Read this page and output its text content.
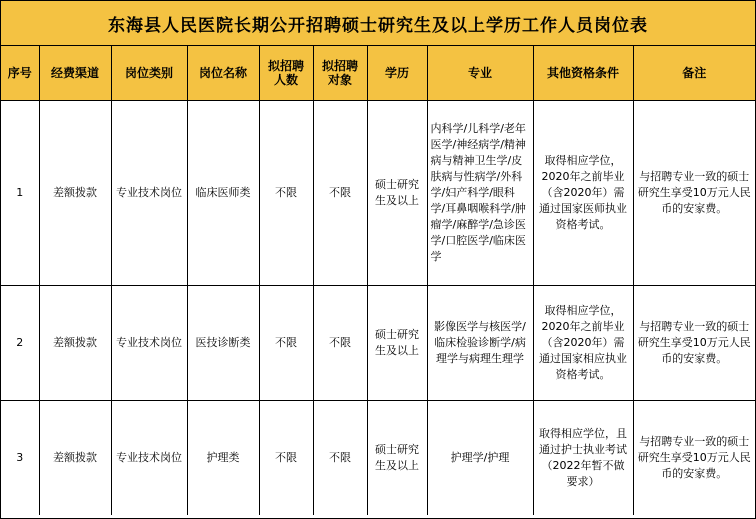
东海县人民医院长期公开招聘硕士研究生及以上学历工作人员岗位表
序号	经费渠道	岗位类别	岗位名称	拟招聘人数	拟招聘对象	学历	专业	其他资格条件	备注
1	差额拨款	专业技术岗位	临床医师类	不限	不限	硕士研究生及以上	内科学/儿科学/老年医学/神经病学/精神病与精神卫生学/皮肤病与性病学/外科学/妇产科学/眼科学/耳鼻咽喉科学/肿瘤学/麻醉学/急诊医学/口腔医学/临床医学	取得相应学位，2020年之前毕业（含2020年）需通过国家医师执业资格考试。	与招聘专业一致的硕士研究生享受10万元人民币的安家费。
2	差额拨款	专业技术岗位	医技诊断类	不限	不限	硕士研究生及以上	影像医学与核医学/临床检验诊断学/病理学与病理生理学	取得相应学位，2020年之前毕业（含2020年）需通过国家相应执业资格考试。	与招聘专业一致的硕士研究生享受10万元人民币的安家费。
3	差额拨款	专业技术岗位	护理类	不限	不限	硕士研究生及以上	护理学/护理	取得相应学位，且通过护士执业考试（2022年暂不做要求）	与招聘专业一致的硕士研究生享受10万元人民币的安家费。
